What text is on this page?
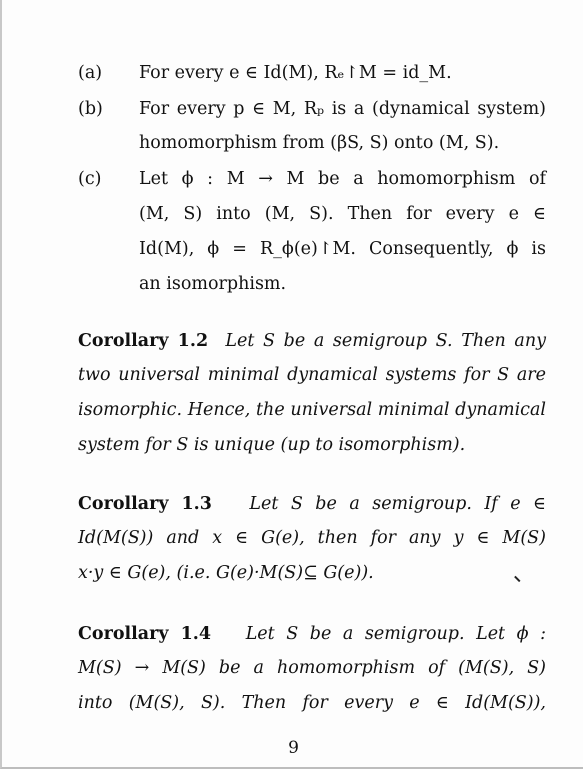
(a)	For every e ∈ Id(M), Rₑ↾M = id_M.
(b)	For every p ∈ M, Rₚ is a (dynamical system)
homomorphism from (βS, S) onto (M, S).
(c)	Let ϕ : M → M be a homomorphism of
(M, S) into (M, S). Then for every e ∈
Id(M), ϕ = R_ϕ(e)↾M. Consequently, ϕ is
an isomorphism.
Corollary 1.2 Let S be a semigroup S. Then any
two universal minimal dynamical systems for S are
isomorphic. Hence, the universal minimal dynamical
system for S is unique (up to isomorphism).
Corollary 1.3 Let S be a semigroup. If e ∈
Id(M(S)) and x ∈ G(e), then for any y ∈ M(S)
x·y ∈ G(e), (i.e. G(e)·M(S)⊆ G(e)).
Corollary 1.4 Let S be a semigroup. Let ϕ :
M(S) → M(S) be a homomorphism of (M(S), S)
into (M(S), S). Then for every e ∈ Id(M(S)),
9
